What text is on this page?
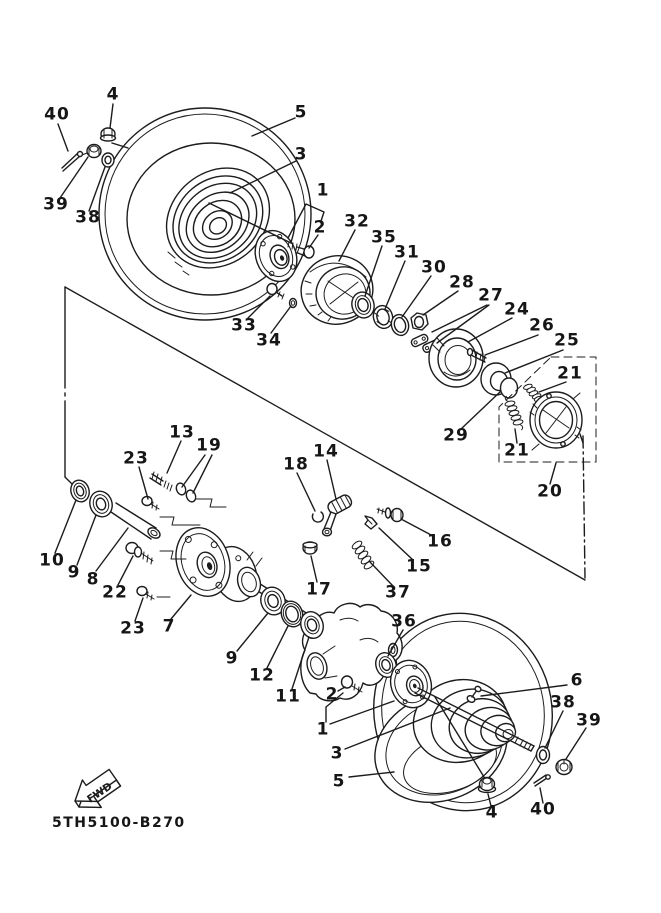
FWD
40
4
39
38
5
3
1
2 32
33
34
35
31
30
28
27
24
26
25
21
29
21
20
13
19
23	18
14
10
9 8
22
23 7
17
16
15
37
9
12
11
36
2
1
3
5
6
38
39
40
4
5TH5100-B270
